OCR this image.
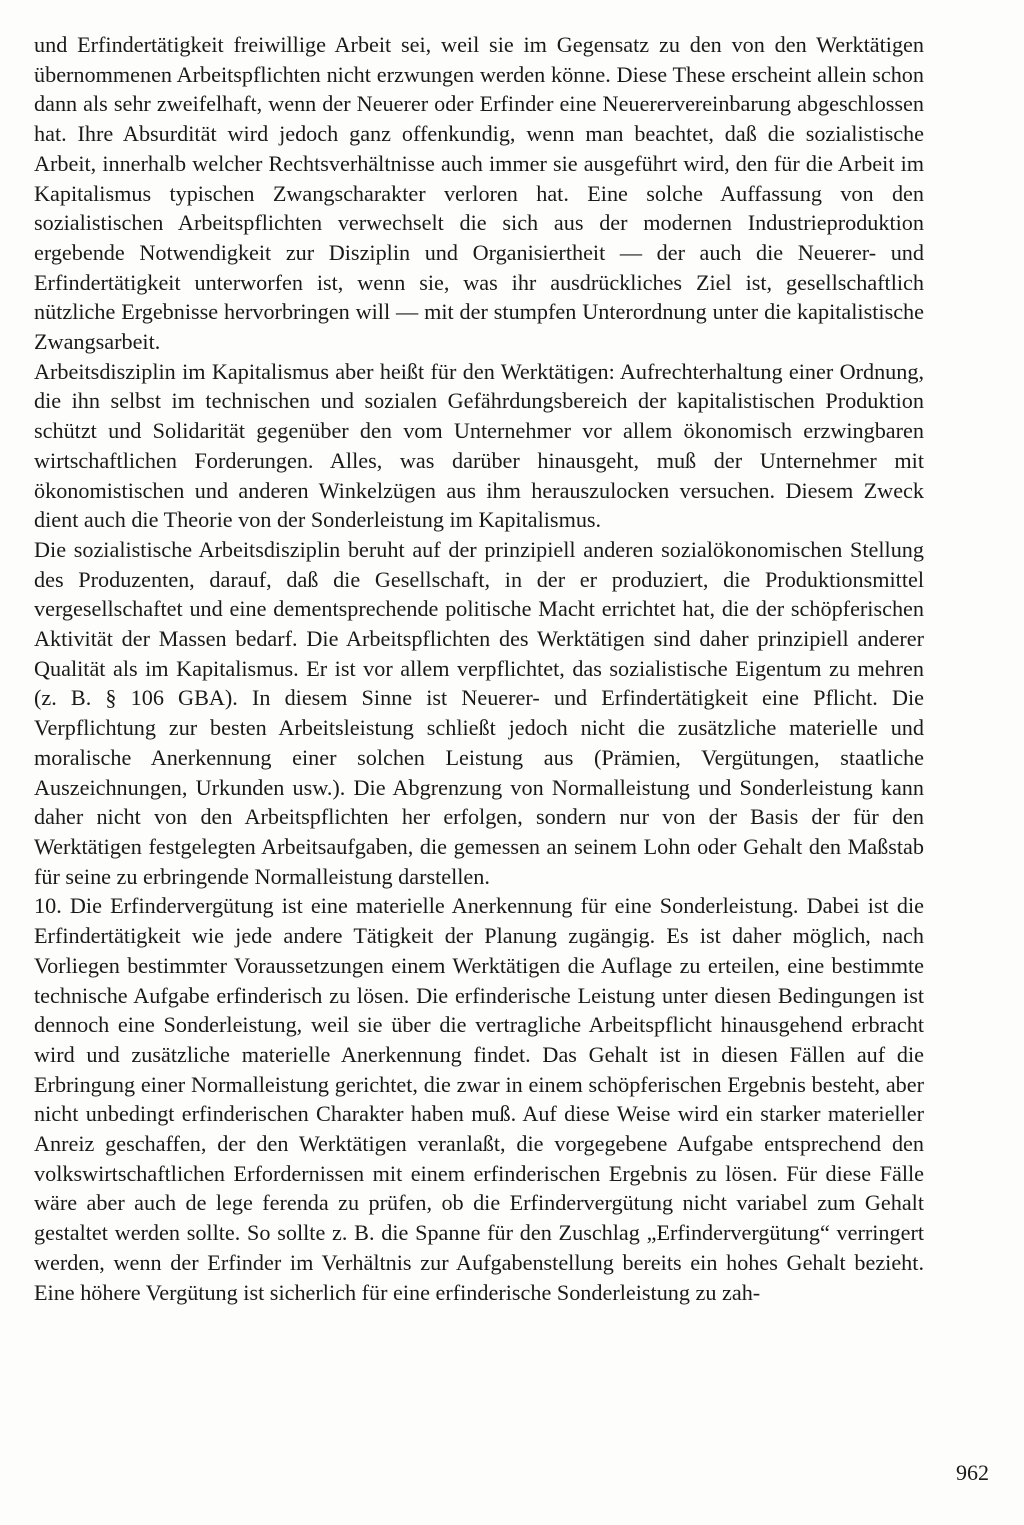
und Erfindertätigkeit freiwillige Arbeit sei, weil sie im Gegensatz zu den von den Werktätigen übernommenen Arbeitspflichten nicht erzwungen werden könne. Diese These erscheint allein schon dann als sehr zweifelhaft, wenn der Neuerer oder Erfinder eine Neuerervereinbarung abgeschlossen hat. Ihre Absurdität wird jedoch ganz offenkundig, wenn man beachtet, daß die sozialistische Arbeit, innerhalb welcher Rechtsverhältnisse auch immer sie ausgeführt wird, den für die Arbeit im Kapitalismus typischen Zwangscharakter verloren hat. Eine solche Auffassung von den sozialistischen Arbeitspflichten verwechselt die sich aus der modernen Industrieproduktion ergebende Notwendigkeit zur Disziplin und Organisiertheit — der auch die Neuerer- und Erfindertätigkeit unterworfen ist, wenn sie, was ihr ausdrückliches Ziel ist, gesellschaftlich nützliche Ergebnisse hervorbringen will — mit der stumpfen Unterordnung unter die kapitalistische Zwangsarbeit.

Arbeitsdisziplin im Kapitalismus aber heißt für den Werktätigen: Aufrechterhaltung einer Ordnung, die ihn selbst im technischen und sozialen Gefährdungsbereich der kapitalistischen Produktion schützt und Solidarität gegenüber den vom Unternehmer vor allem ökonomisch erzwingbaren wirtschaftlichen Forderungen. Alles, was darüber hinausgeht, muß der Unternehmer mit ökonomistischen und anderen Winkelzügen aus ihm herauszulocken versuchen. Diesem Zweck dient auch die Theorie von der Sonderleistung im Kapitalismus.

Die sozialistische Arbeitsdisziplin beruht auf der prinzipiell anderen sozialökonomischen Stellung des Produzenten, darauf, daß die Gesellschaft, in der er produziert, die Produktionsmittel vergesellschaftet und eine dementsprechende politische Macht errichtet hat, die der schöpferischen Aktivität der Massen bedarf. Die Arbeitspflichten des Werktätigen sind daher prinzipiell anderer Qualität als im Kapitalismus. Er ist vor allem verpflichtet, das sozialistische Eigentum zu mehren (z. B. § 106 GBA). In diesem Sinne ist Neuerer- und Erfindertätigkeit eine Pflicht. Die Verpflichtung zur besten Arbeitsleistung schließt jedoch nicht die zusätzliche materielle und moralische Anerkennung einer solchen Leistung aus (Prämien, Vergütungen, staatliche Auszeichnungen, Urkunden usw.). Die Abgrenzung von Normalleistung und Sonderleistung kann daher nicht von den Arbeitspflichten her erfolgen, sondern nur von der Basis der für den Werktätigen festgelegten Arbeitsaufgaben, die gemessen an seinem Lohn oder Gehalt den Maßstab für seine zu erbringende Normalleistung darstellen.

10. Die Erfindervergütung ist eine materielle Anerkennung für eine Sonderleistung. Dabei ist die Erfindertätigkeit wie jede andere Tätigkeit der Planung zugängig. Es ist daher möglich, nach Vorliegen bestimmter Voraussetzungen einem Werktätigen die Auflage zu erteilen, eine bestimmte technische Aufgabe erfinderisch zu lösen. Die erfinderische Leistung unter diesen Bedingungen ist dennoch eine Sonderleistung, weil sie über die vertragliche Arbeitspflicht hinausgehend erbracht wird und zusätzliche materielle Anerkennung findet. Das Gehalt ist in diesen Fällen auf die Erbringung einer Normalleistung gerichtet, die zwar in einem schöpferischen Ergebnis besteht, aber nicht unbedingt erfinderischen Charakter haben muß. Auf diese Weise wird ein starker materieller Anreiz geschaffen, der den Werktätigen veranlaßt, die vorgegebene Aufgabe entsprechend den volkswirtschaftlichen Erfordernissen mit einem erfinderischen Ergebnis zu lösen. Für diese Fälle wäre aber auch de lege ferenda zu prüfen, ob die Erfindervergütung nicht variabel zum Gehalt gestaltet werden sollte. So sollte z. B. die Spanne für den Zuschlag „Erfindervergütung“ verringert werden, wenn der Erfinder im Verhältnis zur Aufgabenstellung bereits ein hohes Gehalt bezieht. Eine höhere Vergütung ist sicherlich für eine erfinderische Sonderleistung zu zah-

962
